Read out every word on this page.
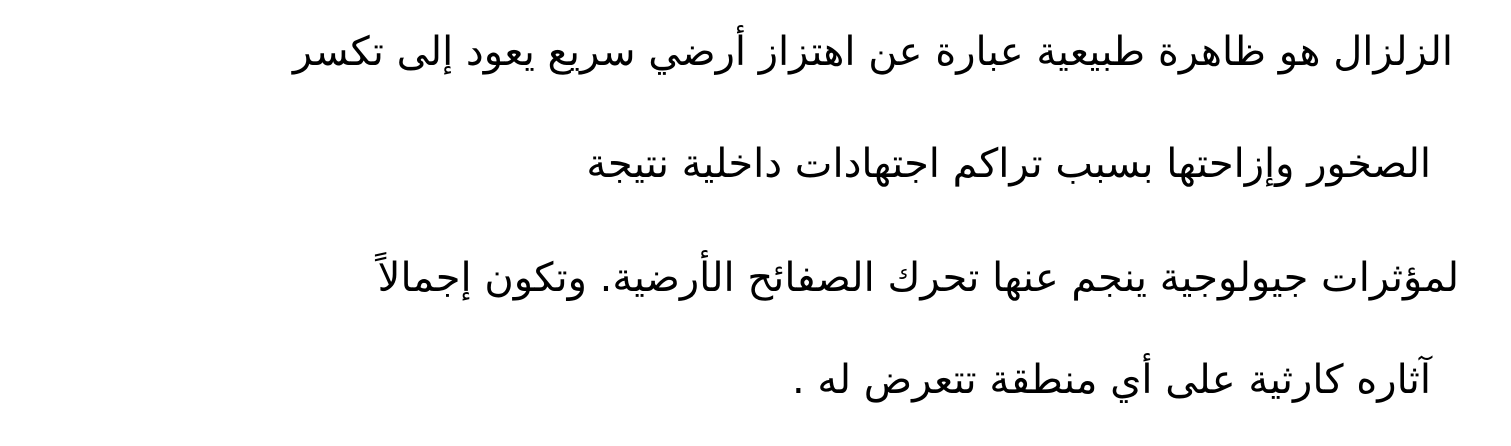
الزلزال هو ظاهرة طبيعية عبارة عن اهتزاز أرضي سريع يعود إلى تكسر
الصخور وإزاحتها بسبب تراكم اجتهادات داخلية نتيجة
لمؤثرات جيولوجية ينجم عنها تحرك الصفائح الأرضية. وتكون إجمالاً
آثاره كارثية على أي منطقة تتعرض له .
